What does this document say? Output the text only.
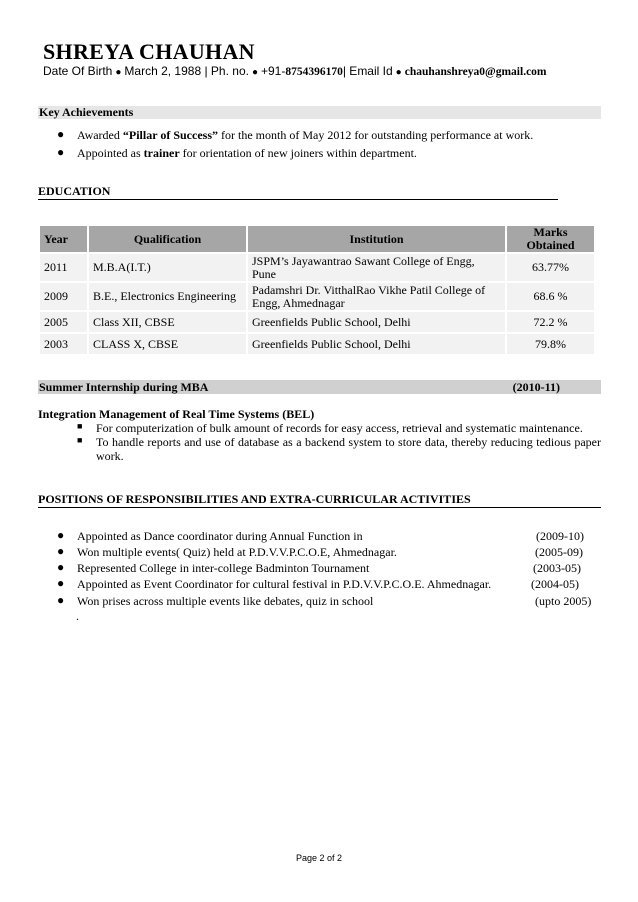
SHREYA CHAUHAN
Date Of Birth ● March 2, 1988 | Ph. no. ● +91-8754396170| Email Id ● chauhanshreya0@gmail.com
Key Achievements
● Awarded “Pillar of Success” for the month of May 2012 for outstanding performance at work.
● Appointed as trainer for orientation of new joiners within department.
EDUCATION
Year	Qualification	Institution	Marks Obtained
2011	M.B.A(I.T.)	JSPM’s Jayawantrao Sawant College of Engg, Pune	63.77%
2009	B.E., Electronics Engineering	Padamshri Dr. VitthalRao Vikhe Patil College of Engg, Ahmednagar	68.6 %
2005	Class XII, CBSE	Greenfields Public School, Delhi	72.2 %
2003	CLASS X, CBSE	Greenfields Public School, Delhi	79.8%
Summer Internship during MBA	(2010-11)
Integration Management of Real Time Systems (BEL)
■ For computerization of bulk amount of records for easy access, retrieval and systematic maintenance.
■ To handle reports and use of database as a backend system to store data, thereby reducing tedious paper work.
POSITIONS OF RESPONSIBILITIES AND EXTRA-CURRICULAR ACTIVITIES
● Appointed as Dance coordinator during Annual Function in	(2009-10)
● Won multiple events( Quiz) held at P.D.V.V.P.C.O.E, Ahmednagar.	(2005-09)
● Represented College in inter-college Badminton Tournament	(2003-05)
● Appointed as Event Coordinator for cultural festival in P.D.V.V.P.C.O.E. Ahmednagar.	(2004-05)
● Won prises across multiple events like debates, quiz in school	(upto 2005)
.
Page 2 of 2
